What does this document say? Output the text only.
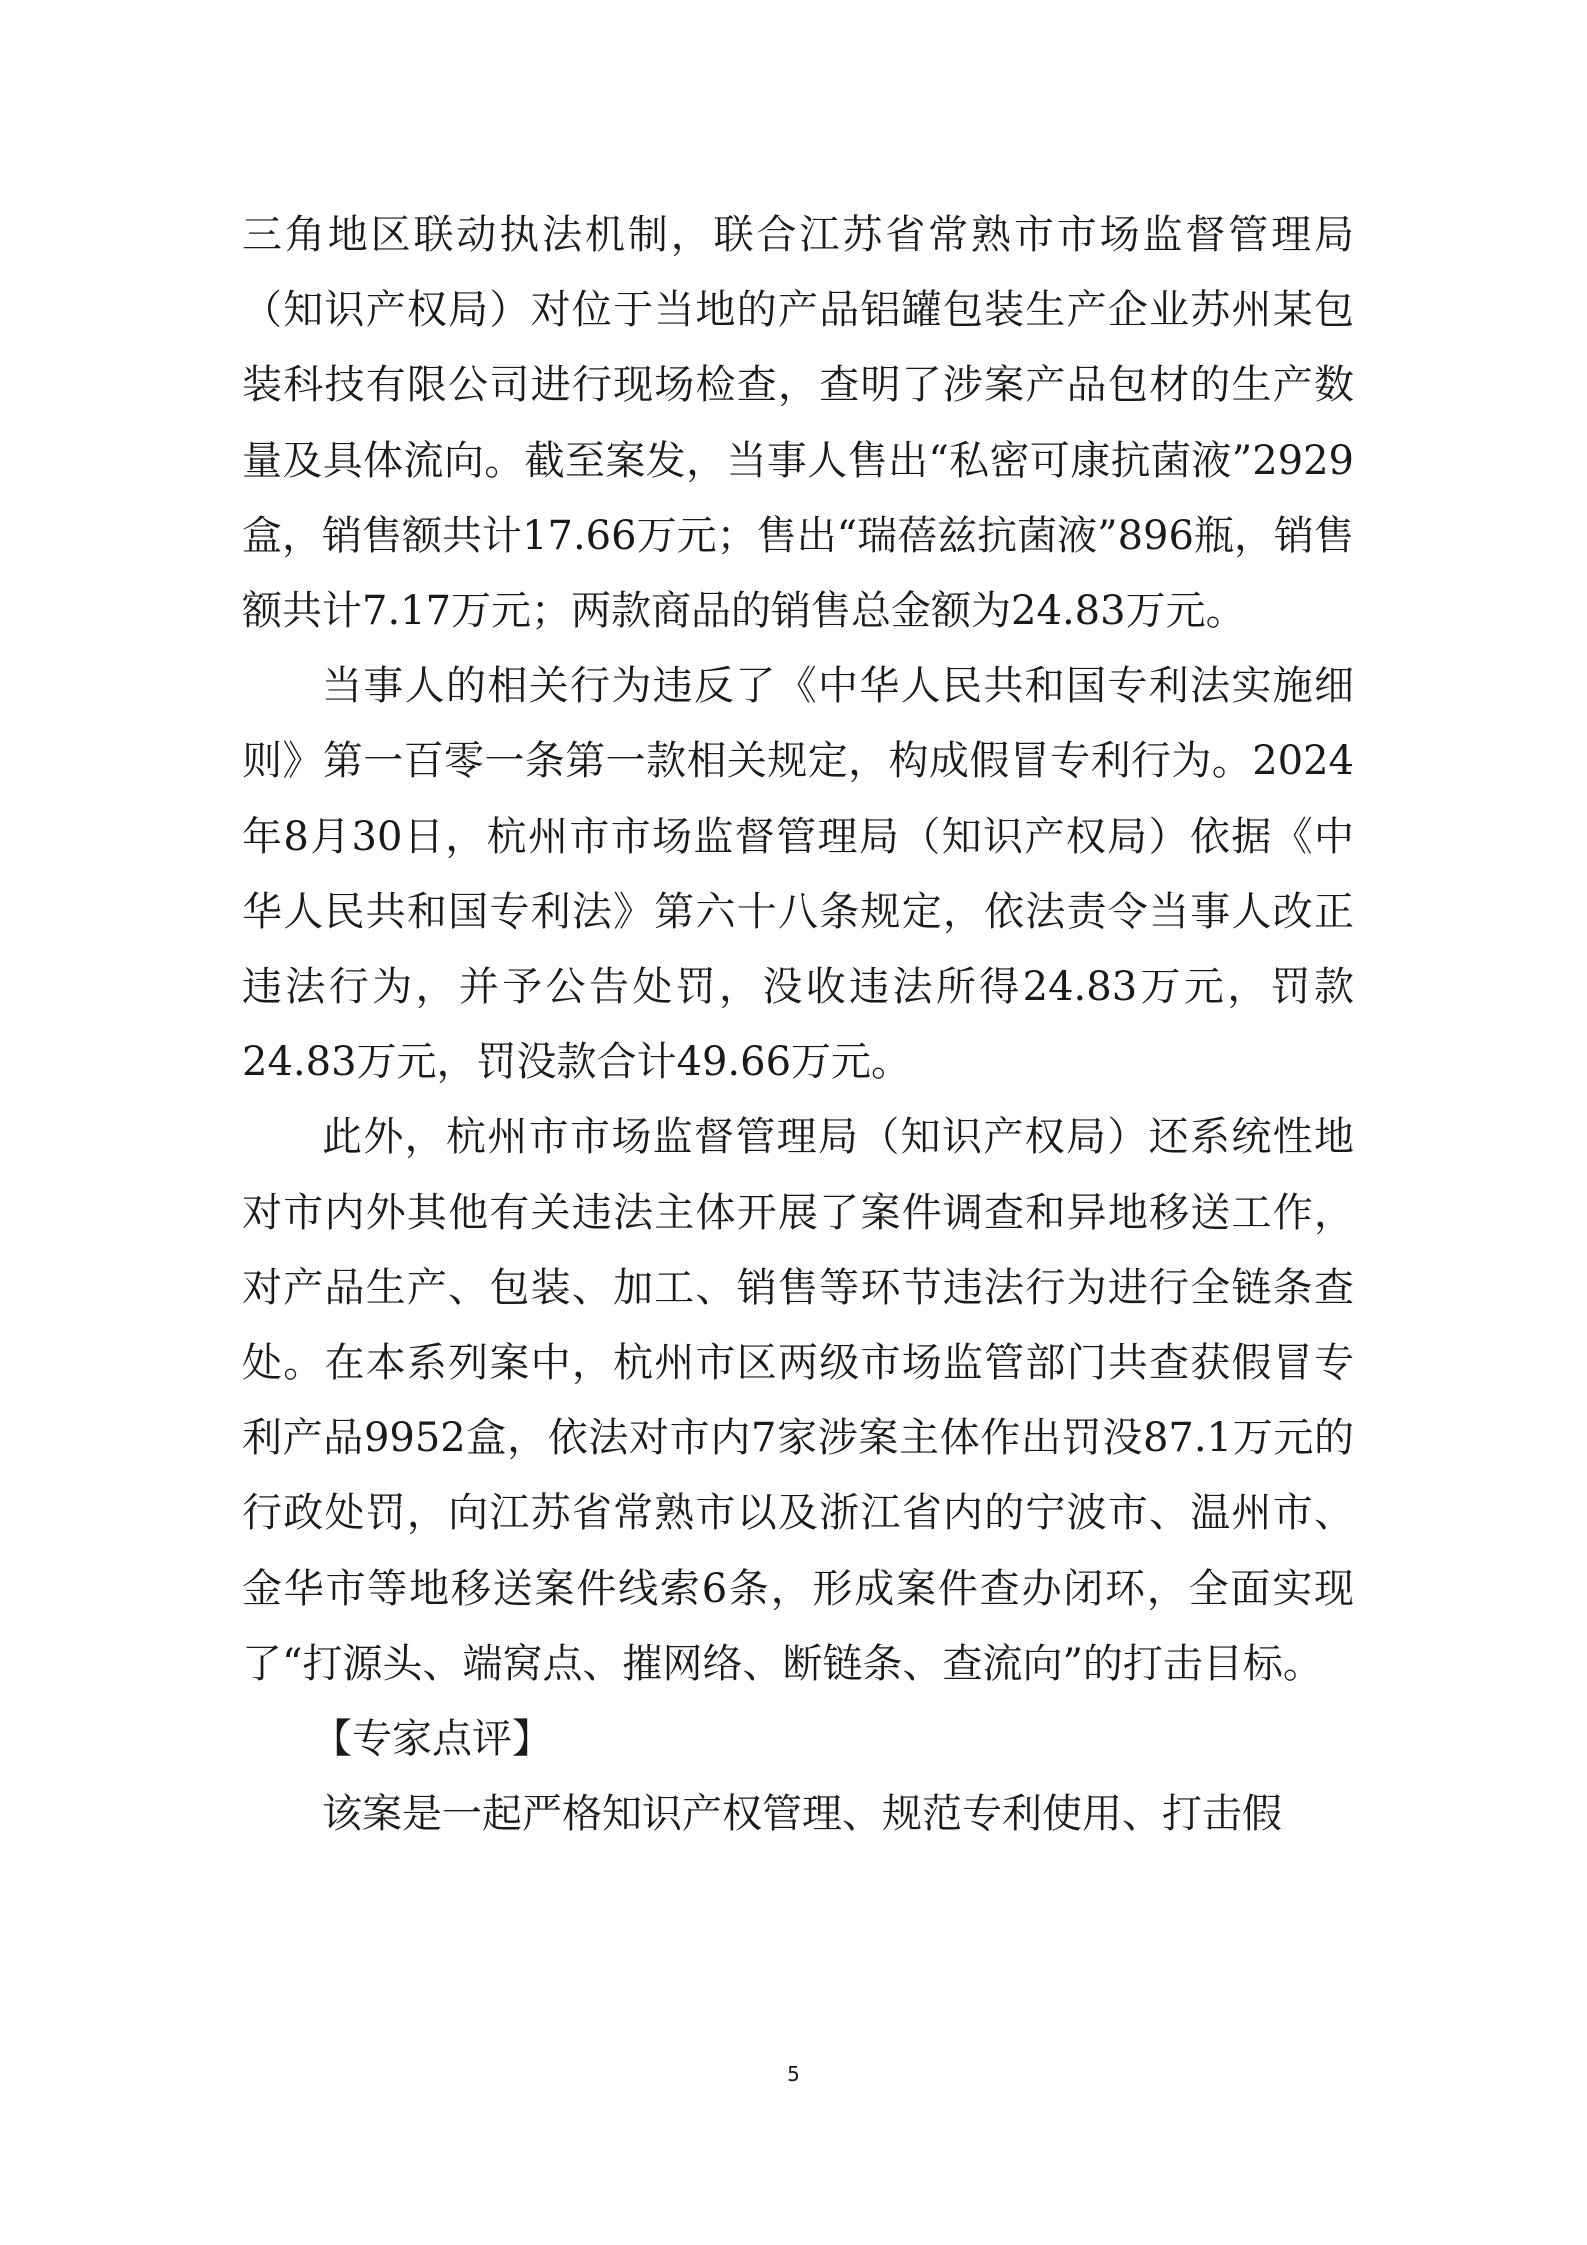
三角地区联动执法机制，联合江苏省常熟市市场监督管理局（知识产权局）对位于当地的产品铝罐包装生产企业苏州某包装科技有限公司进行现场检查，查明了涉案产品包材的生产数量及具体流向。截至案发，当事人售出“私密可康抗菌液”2929盒，销售额共计17.66万元；售出“瑞蓓兹抗菌液”896瓶，销售额共计7.17万元；两款商品的销售总金额为24.83万元。

当事人的相关行为违反了《中华人民共和国专利法实施细则》第一百零一条第一款相关规定，构成假冒专利行为。2024年8月30日，杭州市市场监督管理局（知识产权局）依据《中华人民共和国专利法》第六十八条规定，依法责令当事人改正违法行为，并予公告处罚，没收违法所得24.83万元，罚款24.83万元，罚没款合计49.66万元。

此外，杭州市市场监督管理局（知识产权局）还系统性地对市内外其他有关违法主体开展了案件调查和异地移送工作，对产品生产、包装、加工、销售等环节违法行为进行全链条查处。在本系列案中，杭州市区两级市场监管部门共查获假冒专利产品9952盒，依法对市内7家涉案主体作出罚没87.1万元的行政处罚，向江苏省常熟市以及浙江省内的宁波市、温州市、金华市等地移送案件线索6条，形成案件查办闭环，全面实现了“打源头、端窝点、摧网络、断链条、查流向”的打击目标。

【专家点评】

该案是一起严格知识产权管理、规范专利使用、打击假

5
